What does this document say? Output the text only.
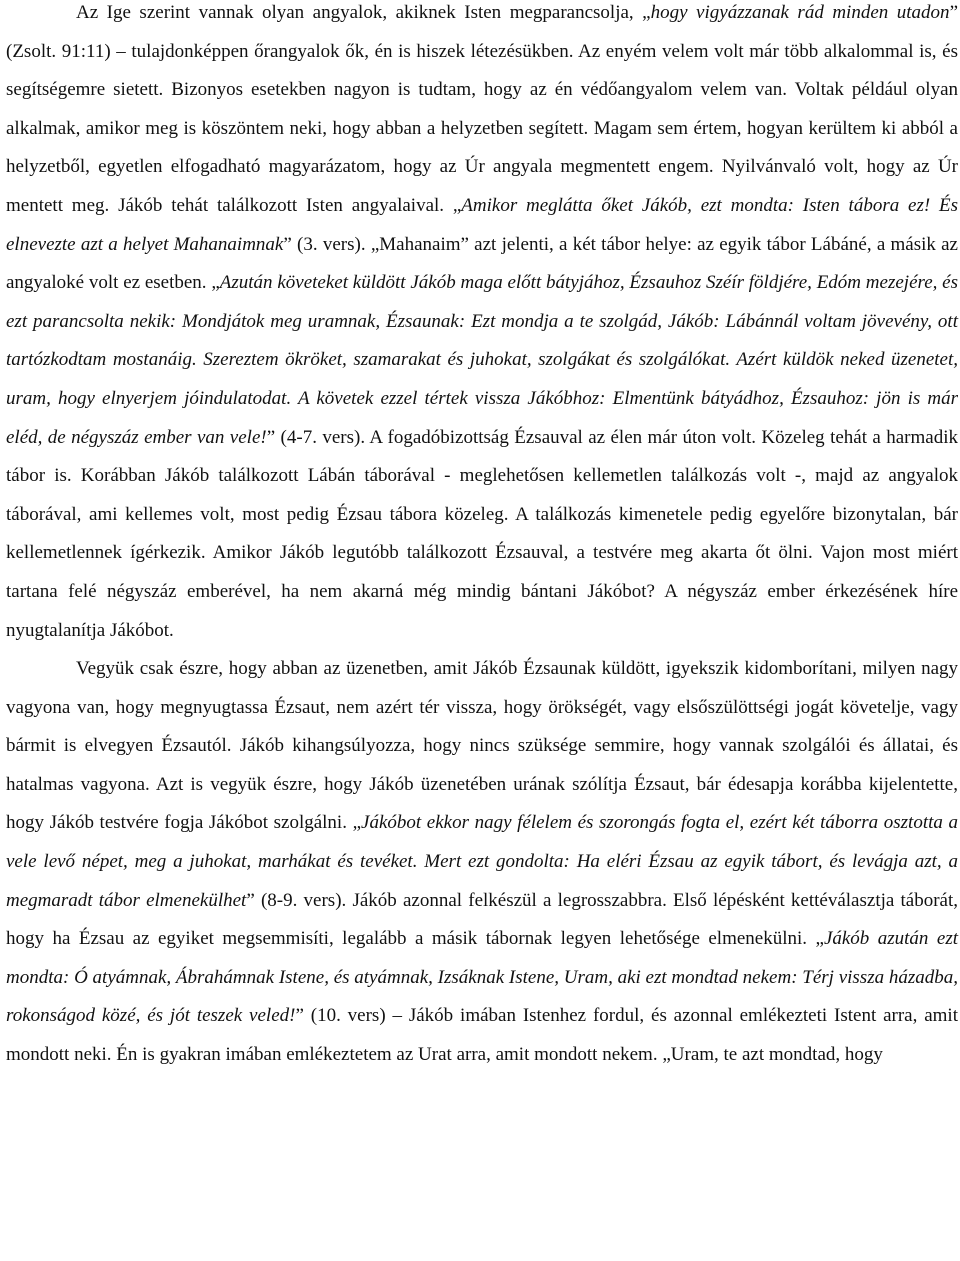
Az Ige szerint vannak olyan angyalok, akiknek Isten megparancsolja, „hogy vigyázzanak rád minden utadon” (Zsolt. 91:11) – tulajdonképpen őrangyalok ők, én is hiszek létezésükben. Az enyém velem volt már több alkalommal is, és segítségemre sietett. Bizonyos esetekben nagyon is tudtam, hogy az én védőangyalom velem van. Voltak például olyan alkalmak, amikor meg is köszöntem neki, hogy abban a helyzetben segített. Magam sem értem, hogyan kerültem ki abból a helyzetből, egyetlen elfogadható magyarázatom, hogy az Úr angyala megmentett engem. Nyilvánvaló volt, hogy az Úr mentett meg. Jákób tehát találkozott Isten angyalaival. „Amikor meglátta őket Jákób, ezt mondta: Isten tábora ez! És elnevezte azt a helyet Mahanaimnak” (3. vers). „Mahanaim” azt jelenti, a két tábor helye: az egyik tábor Lábáné, a másik az angyaloké volt ez esetben. „Azután követeket küldött Jákób maga előtt bátyjához, Ézsauhoz Széír földjére, Edóm mezejére, és ezt parancsolta nekik: Mondjátok meg uramnak, Ézsaunak: Ezt mondja a te szolgád, Jákób: Lábánnál voltam jövevény, ott tartózkodtam mostanáig. Szereztem ökröket, szamarakat és juhokat, szolgákat és szolgálókat. Azért küldök neked üzenetet, uram, hogy elnyerjem jóindulatodat. A követek ezzel tértek vissza Jákóbhoz: Elmentünk bátyádhoz, Ézsauhoz: jön is már eléd, de négyszáz ember van vele!” (4-7. vers). A fogadóbizottság Ézsauval az élen már úton volt. Közeleg tehát a harmadik tábor is. Korábban Jákób találkozott Lábán táborával - meglehetősen kellemetlen találkozás volt -, majd az angyalok táborával, ami kellemes volt, most pedig Ézsau tábora közeleg. A találkozás kimenetele pedig egyelőre bizonytalan, bár kellemetlennek ígérkezik. Amikor Jákób legutóbb találkozott Ézsauval, a testvére meg akarta őt ölni. Vajon most miért tartana felé négyszáz emberével, ha nem akarná még mindig bántani Jákóbot? A négyszáz ember érkezésének híre nyugtalanítja Jákóbot.

Vegyük csak észre, hogy abban az üzenetben, amit Jákób Ézsaunak küldött, igyekszik kidomborítani, milyen nagy vagyona van, hogy megnyugtassa Ézsaut, nem azért tér vissza, hogy örökségét, vagy elsőszülöttségi jogát követelje, vagy bármit is elvegyen Ézsautól. Jákób kihangsúlyozza, hogy nincs szüksége semmire, hogy vannak szolgálói és állatai, és hatalmas vagyona. Azt is vegyük észre, hogy Jákób üzenetében urának szólítja Ézsaut, bár édesapja korábba kijelentette, hogy Jákób testvére fogja Jákóbot szolgálni. „Jákóbot ekkor nagy félelem és szorongás fogta el, ezért két táborra osztotta a vele levő népet, meg a juhokat, marhákat és tevéket. Mert ezt gondolta: Ha eléri Ézsau az egyik tábort, és levágja azt, a megmaradt tábor elmenekülhet” (8-9. vers). Jákób azonnal felkészül a legrosszabbra. Első lépésként kettéválasztja táborát, hogy ha Ézsau az egyiket megsemmisíti, legalább a másik tábornak legyen lehetősége elmenekülni. „Jákób azután ezt mondta: Ó atyámnak, Ábrahámnak Istene, és atyámnak, Izsáknak Istene, Uram, aki ezt mondtad nekem: Térj vissza házadba, rokonságod közé, és jót teszek veled!” (10. vers) – Jákób imában Istenhez fordul, és azonnal emlékezteti Istent arra, amit mondott neki. Én is gyakran imában emlékeztetem az Urat arra, amit mondott nekem. „Uram, te azt mondtad, hogy
